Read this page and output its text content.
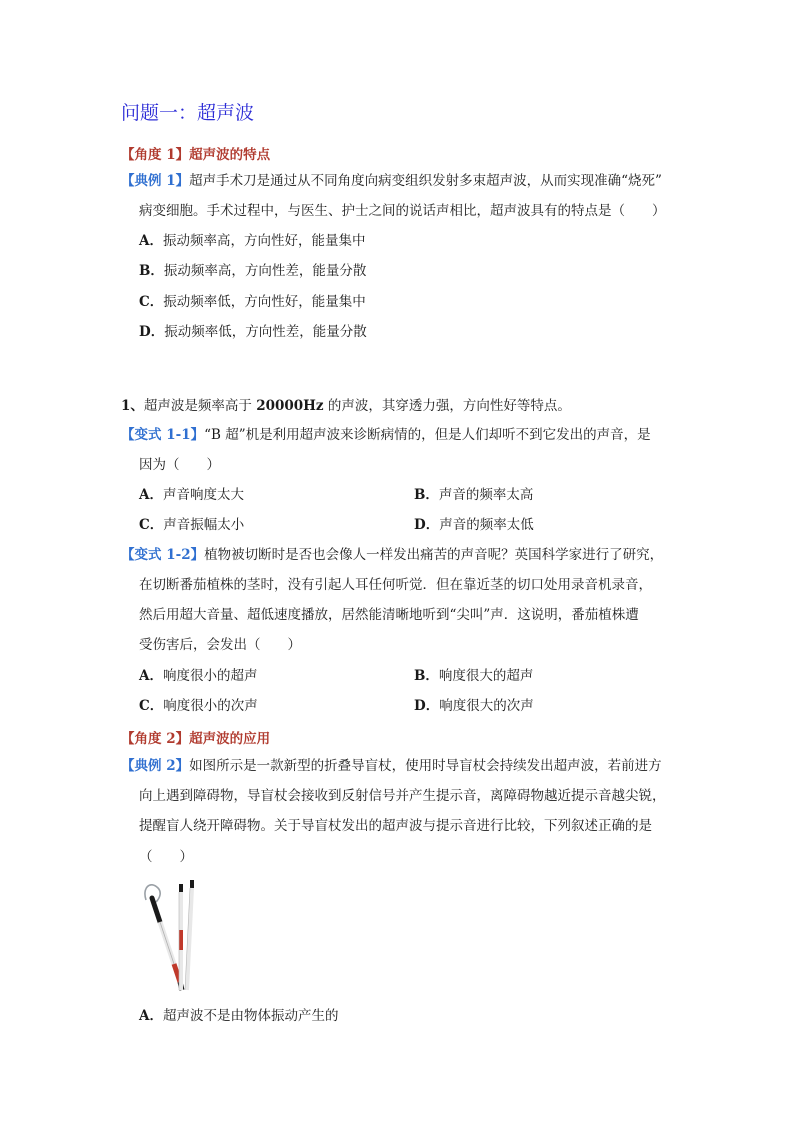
问题一：超声波
【角度 1】超声波的特点
【典例 1】超声手术刀是通过从不同角度向病变组织发射多束超声波，从而实现准确“烧死”
病变细胞。手术过程中，与医生、护士之间的说话声相比，超声波具有的特点是（　　）
A．振动频率高，方向性好，能量集中
B．振动频率高，方向性差，能量分散
C．振动频率低，方向性好，能量集中
D．振动频率低，方向性差，能量分散
1、超声波是频率高于 20000Hz 的声波，其穿透力强，方向性好等特点。
【变式 1-1】“B 超”机是利用超声波来诊断病情的，但是人们却听不到它发出的声音，是
因为（　　）
A．声音响度太大	B．声音的频率太高
C．声音振幅太小	D．声音的频率太低
【变式 1-2】植物被切断时是否也会像人一样发出痛苦的声音呢？英国科学家进行了研究，
在切断番茄植株的茎时，没有引起人耳任何听觉．但在靠近茎的切口处用录音机录音，
然后用超大音量、超低速度播放，居然能清晰地听到“尖叫”声．这说明，番茄植株遭
受伤害后，会发出（　　）
A．响度很小的超声	B．响度很大的超声
C．响度很小的次声	D．响度很大的次声
【角度 2】超声波的应用
【典例 2】如图所示是一款新型的折叠导盲杖，使用时导盲杖会持续发出超声波，若前进方
向上遇到障碍物，导盲杖会接收到反射信号并产生提示音，离障碍物越近提示音越尖锐，
提醒盲人绕开障碍物。关于导盲杖发出的超声波与提示音进行比较，下列叙述正确的是
（　　）
A．超声波不是由物体振动产生的
